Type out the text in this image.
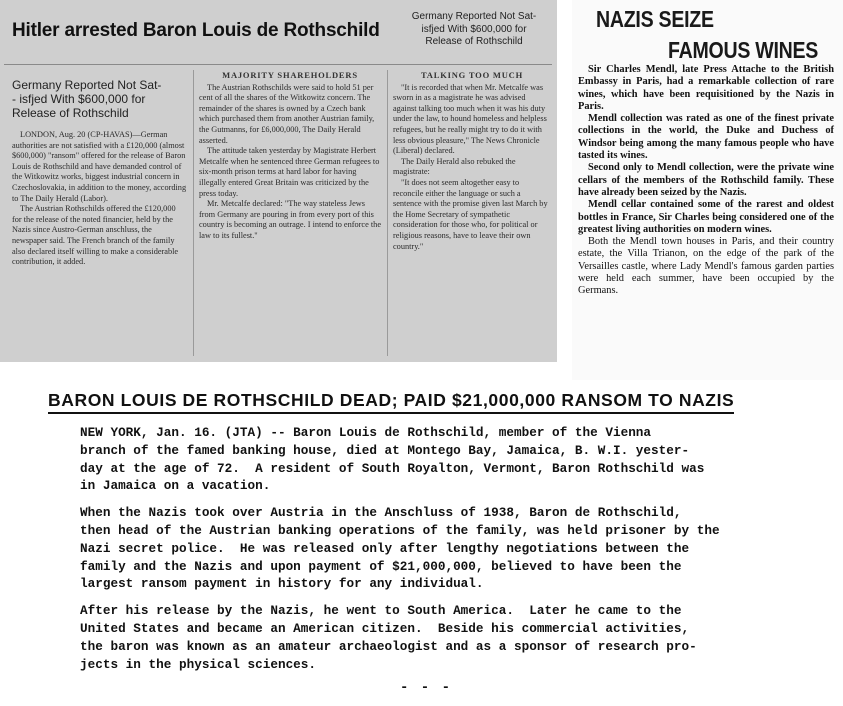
Hitler arrested Baron Louis de Rothschild
Germany Reported Not Sat-
isfjed With $600,000 for
Release of Rothschild
Germany Reported Not Sat-
- isfjed With $600,000 for
Release of Rothschild

LONDON, Aug. 20 (CP-HAVAS)—German authorities are not satisfied with a £120,000 (almost $600,000) "ransom" offered for the release of Baron Louis de Rothschild and have demanded control of the Witkowitz works, biggest industrial concern in Czechoslovakia, in addition to the money, according to The Daily Herald (Labor).

The Austrian Rothschilds offered the £120,000 for the release of the noted financier, held by the Nazis since Austro-German anschluss, the newspaper said. The French branch of the family also declared itself willing to make a considerable contribution, it added.

MAJORITY SHAREHOLDERS

The Austrian Rothschilds were said to hold 51 per cent of all the shares of the Witkowitz concern. The remainder of the shares is owned by a Czech bank which purchased them from another Austrian family, the Gutmanns, for £6,000,000, The Daily Herald asserted.

The attitude taken yesterday by Magistrate Herbert Metcalfe when he sentenced three German refugees to six-month prison terms at hard labor for having illegally entered Great Britain was criticized by the press today.

Mr. Metcalfe declared: "The way stateless Jews from Germany are pouring in from every port of this country is becoming an outrage. I intend to enforce the law to its fullest."

TALKING TOO MUCH

"It is recorded that when Mr. Metcalfe was sworn in as a magistrate he was advised against talking too much when it was his duty under the law, to hound homeless and helpless refugees, but he really might try to do it with less obvious pleasure," The News Chronicle (Liberal) declared.

The Daily Herald also rebuked the magistrate:

"It does not seem altogether easy to reconcile either the language or such a sentence with the promise given last March by the Home Secretary of sympathetic consideration for those who, for political or religious reasons, have to leave their own country."

NAZIS SEIZE
FAMOUS WINES

Sir Charles Mendl, late Press Attache to the British Embassy in Paris, had a remarkable collection of rare wines, which have been requisitioned by the Nazis in Paris.

Mendl collection was rated as one of the finest private collections in the world, the Duke and Duchess of Windsor being among the many famous people who have tasted its wines.

Second only to Mendl collection, were the private wine cellars of the members of the Rothschild family. These have already been seized by the Nazis.

Mendl cellar contained some of the rarest and oldest bottles in France, Sir Charles being considered one of the greatest living authorities on modern wines.

Both the Mendl town houses in Paris, and their country estate, the Villa Trianon, on the edge of the park of the Versailles castle, where Lady Mendl's famous garden parties were held each summer, have been occupied by the Germans.

BARON LOUIS DE ROTHSCHILD DEAD; PAID $21,000,000 RANSOM TO NAZIS

NEW YORK, Jan. 16. (JTA) -- Baron Louis de Rothschild, member of the Vienna
branch of the famed banking house, died at Montego Bay, Jamaica, B. W.I. yester-
day at the age of 72.  A resident of South Royalton, Vermont, Baron Rothschild was
in Jamaica on a vacation.

When the Nazis took over Austria in the Anschluss of 1938, Baron de Rothschild,
then head of the Austrian banking operations of the family, was held prisoner by the
Nazi secret police.  He was released only after lengthy negotiations between the
family and the Nazis and upon payment of $21,000,000, believed to have been the
largest ransom payment in history for any individual.

After his release by the Nazis, he went to South America.  Later he came to the
United States and became an American citizen.  Beside his commercial activities,
the baron was known as an amateur archaeologist and as a sponsor of research pro-
jects in the physical sciences.

- - -
